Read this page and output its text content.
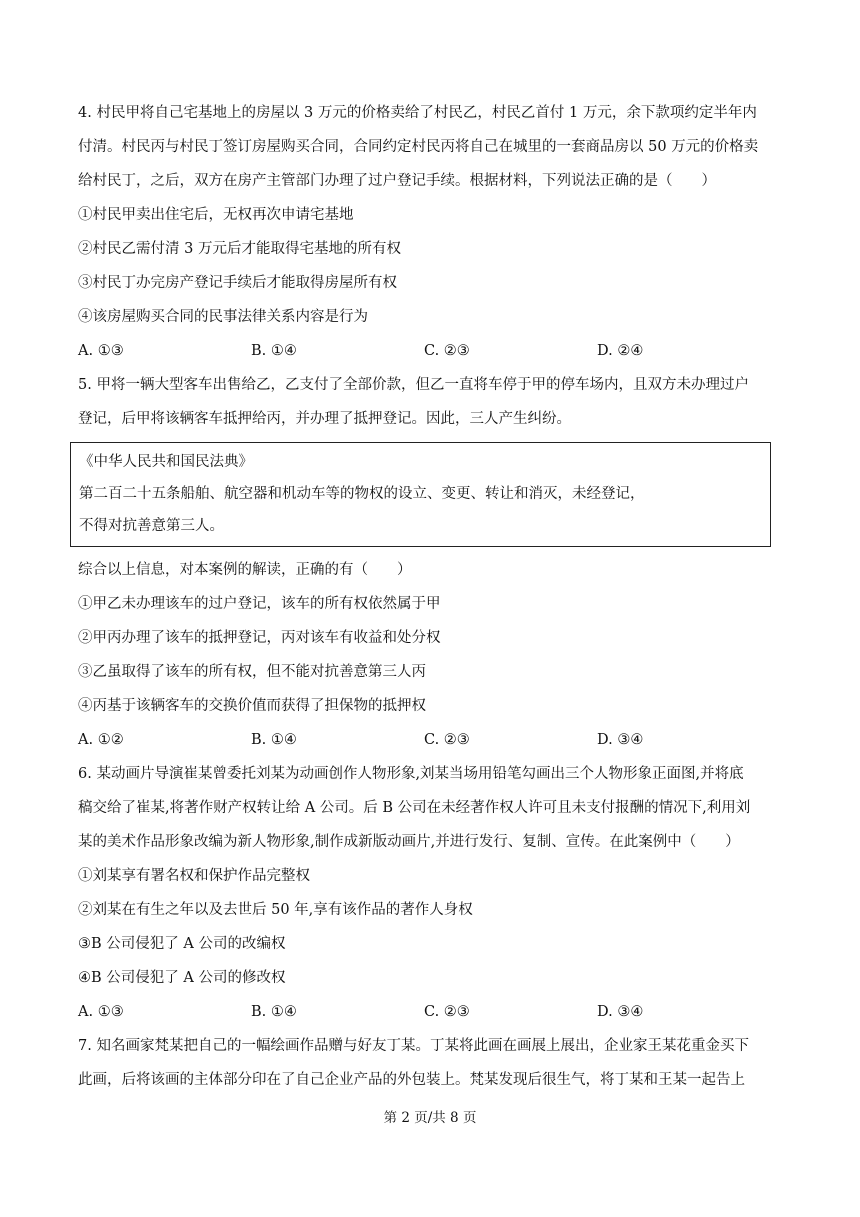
4. 村民甲将自己宅基地上的房屋以 3 万元的价格卖给了村民乙，村民乙首付 1 万元，余下款项约定半年内
付清。村民丙与村民丁签订房屋购买合同，合同约定村民丙将自己在城里的一套商品房以 50 万元的价格卖
给村民丁，之后，双方在房产主管部门办理了过户登记手续。根据材料，下列说法正确的是（　　）
①村民甲卖出住宅后，无权再次申请宅基地
②村民乙需付清 3 万元后才能取得宅基地的所有权
③村民丁办完房产登记手续后才能取得房屋所有权
④该房屋购买合同的民事法律关系内容是行为
A. ①③	B. ①④	C. ②③	D. ②④
5. 甲将一辆大型客车出售给乙，乙支付了全部价款，但乙一直将车停于甲的停车场内，且双方未办理过户
登记，后甲将该辆客车抵押给丙，并办理了抵押登记。因此，三人产生纠纷。
《中华人民共和国民法典》
第二百二十五条船舶、航空器和机动车等的物权的设立、变更、转让和消灭，未经登记，
不得对抗善意第三人。
综合以上信息，对本案例的解读，正确的有（　　）
①甲乙未办理该车的过户登记，该车的所有权依然属于甲
②甲丙办理了该车的抵押登记，丙对该车有收益和处分权
③乙虽取得了该车的所有权，但不能对抗善意第三人丙
④丙基于该辆客车的交换价值而获得了担保物的抵押权
A. ①②	B. ①④	C. ②③	D. ③④
6. 某动画片导演崔某曾委托刘某为动画创作人物形象,刘某当场用铅笔勾画出三个人物形象正面图,并将底
稿交给了崔某,将著作财产权转让给 A 公司。后 B 公司在未经著作权人许可且未支付报酬的情况下,利用刘
某的美术作品形象改编为新人物形象,制作成新版动画片,并进行发行、复制、宣传。在此案例中（　　）
①刘某享有署名权和保护作品完整权
②刘某在有生之年以及去世后 50 年,享有该作品的著作人身权
③B 公司侵犯了 A 公司的改编权
④B 公司侵犯了 A 公司的修改权
A. ①③	B. ①④	C. ②③	D. ③④
7. 知名画家梵某把自己的一幅绘画作品赠与好友丁某。丁某将此画在画展上展出，企业家王某花重金买下
此画，后将该画的主体部分印在了自己企业产品的外包装上。梵某发现后很生气，将丁某和王某一起告上
第 2 页/共 8 页
